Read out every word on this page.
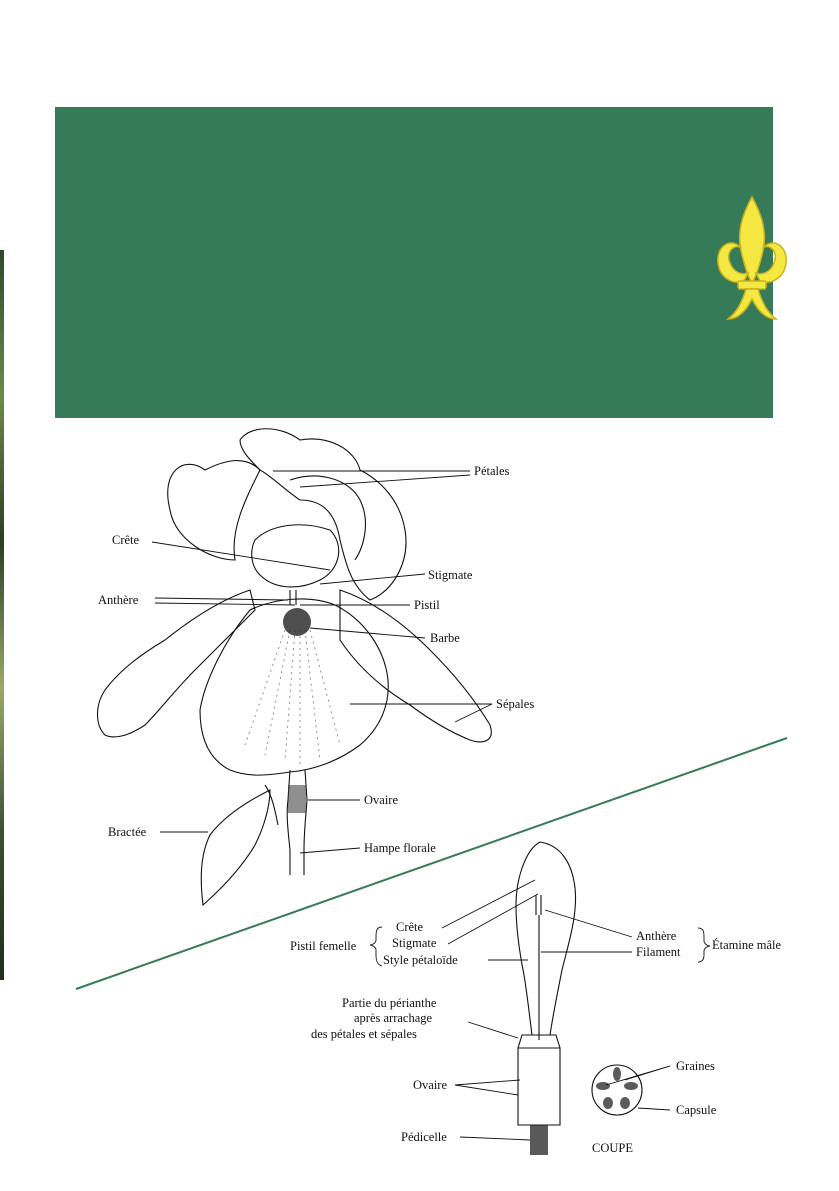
Pétales
Crête
Stigmate
Anthère	Pistil
Barbe
Sépales
Ovaire
Bractée
Hampe florale
Pistil femelle
Crête
Stigmate
Style pétaloïde
Anthère
Filament	Étamine mâle
Partie du périanthe
après arrachage
des pétales et sépales
Ovaire
Pédicelle
Graines
Capsule
COUPE
